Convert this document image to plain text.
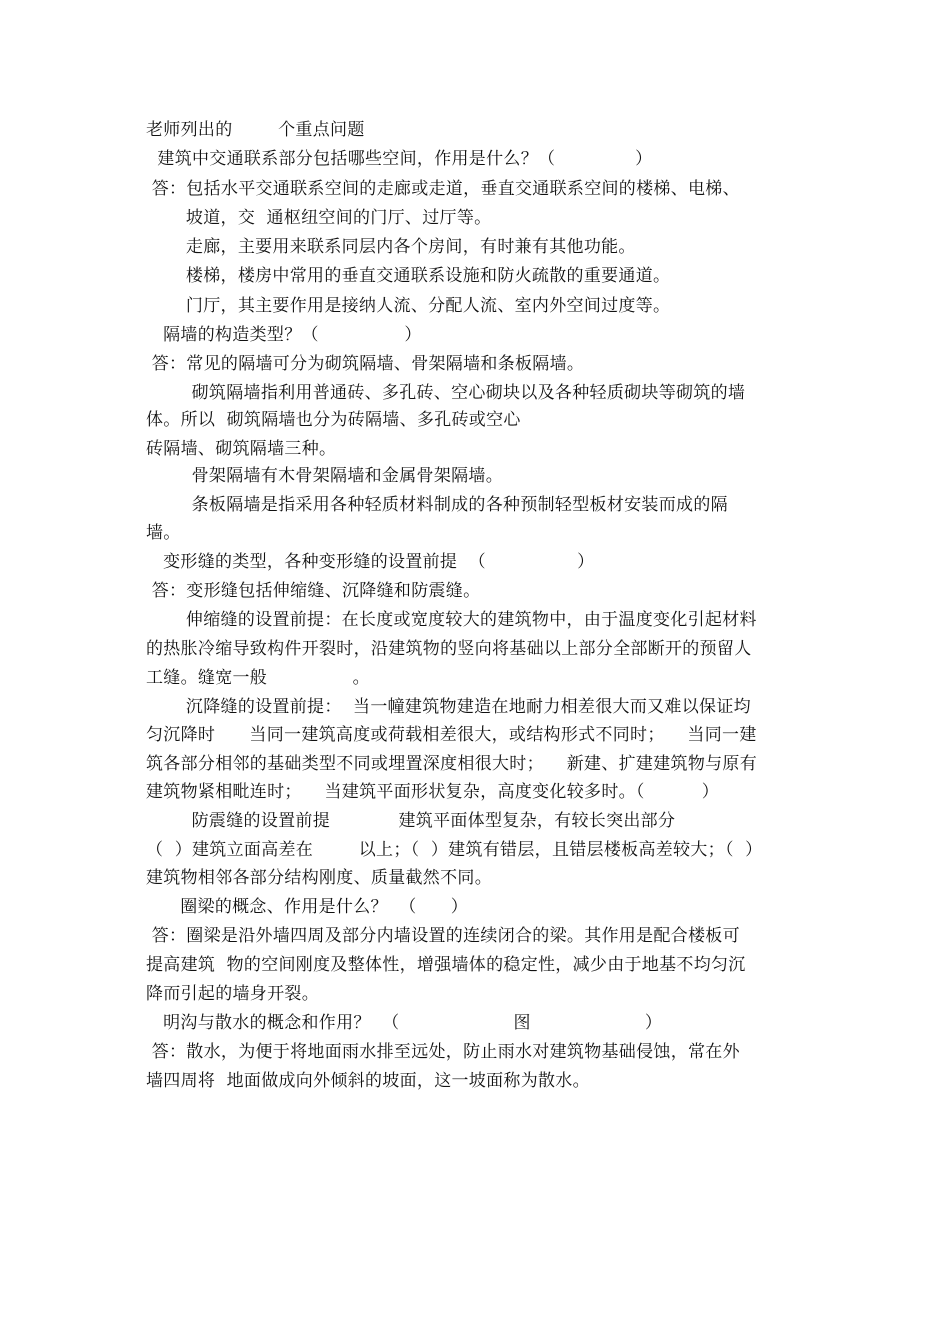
老师列出的        个重点问题
建筑中交通联系部分包括哪些空间，作用是什么？（              ）
答：包括水平交通联系空间的走廊或走道，垂直交通联系空间的楼梯、电梯、
坡道，交  通枢纽空间的门厅、过厅等。
走廊，主要用来联系同层内各个房间，有时兼有其他功能。
楼梯，楼房中常用的垂直交通联系设施和防火疏散的重要通道。
门厅，其主要作用是接纳人流、分配人流、室内外空间过度等。
隔墙的构造类型？（               ）
答：常见的隔墙可分为砌筑隔墙、骨架隔墙和条板隔墙。
砌筑隔墙指利用普通砖、多孔砖、空心砌块以及各种轻质砌块等砌筑的墙
体。所以  砌筑隔墙也分为砖隔墙、多孔砖或空心
砖隔墙、砌筑隔墙三种。
骨架隔墙有木骨架隔墙和金属骨架隔墙。
条板隔墙是指采用各种轻质材料制成的各种预制轻型板材安装而成的隔
墙。
变形缝的类型，各种变形缝的设置前提  （                ）
答：变形缝包括伸缩缝、沉降缝和防震缝。
伸缩缝的设置前提：在长度或宽度较大的建筑物中，由于温度变化引起材料
的热胀冷缩导致构件开裂时，沿建筑物的竖向将基础以上部分全部断开的预留人
工缝。缝宽一般               。
沉降缝的设置前提：  当一幢建筑物建造在地耐力相差很大而又难以保证均
匀沉降时      当同一建筑高度或荷载相差很大，或结构形式不同时；    当同一建
筑各部分相邻的基础类型不同或埋置深度相很大时；    新建、扩建建筑物与原有
建筑物紧相毗连时；    当建筑平面形状复杂，高度变化较多时。（          ）
防震缝的设置前提            建筑平面体型复杂，有较长突出部分
（  ）建筑立面高差在        以上；（  ）建筑有错层，且错层楼板高差较大；（  ）
建筑物相邻各部分结构刚度、质量截然不同。
圈梁的概念、作用是什么？  （      ）
答：圈梁是沿外墙四周及部分内墙设置的连续闭合的梁。其作用是配合楼板可
提高建筑  物的空间刚度及整体性，增强墙体的稳定性，减少由于地基不均匀沉
降而引起的墙身开裂。
明沟与散水的概念和作用？  （                    图                    ）
答：散水，为便于将地面雨水排至远处，防止雨水对建筑物基础侵蚀，常在外
墙四周将  地面做成向外倾斜的坡面，这一坡面称为散水。
